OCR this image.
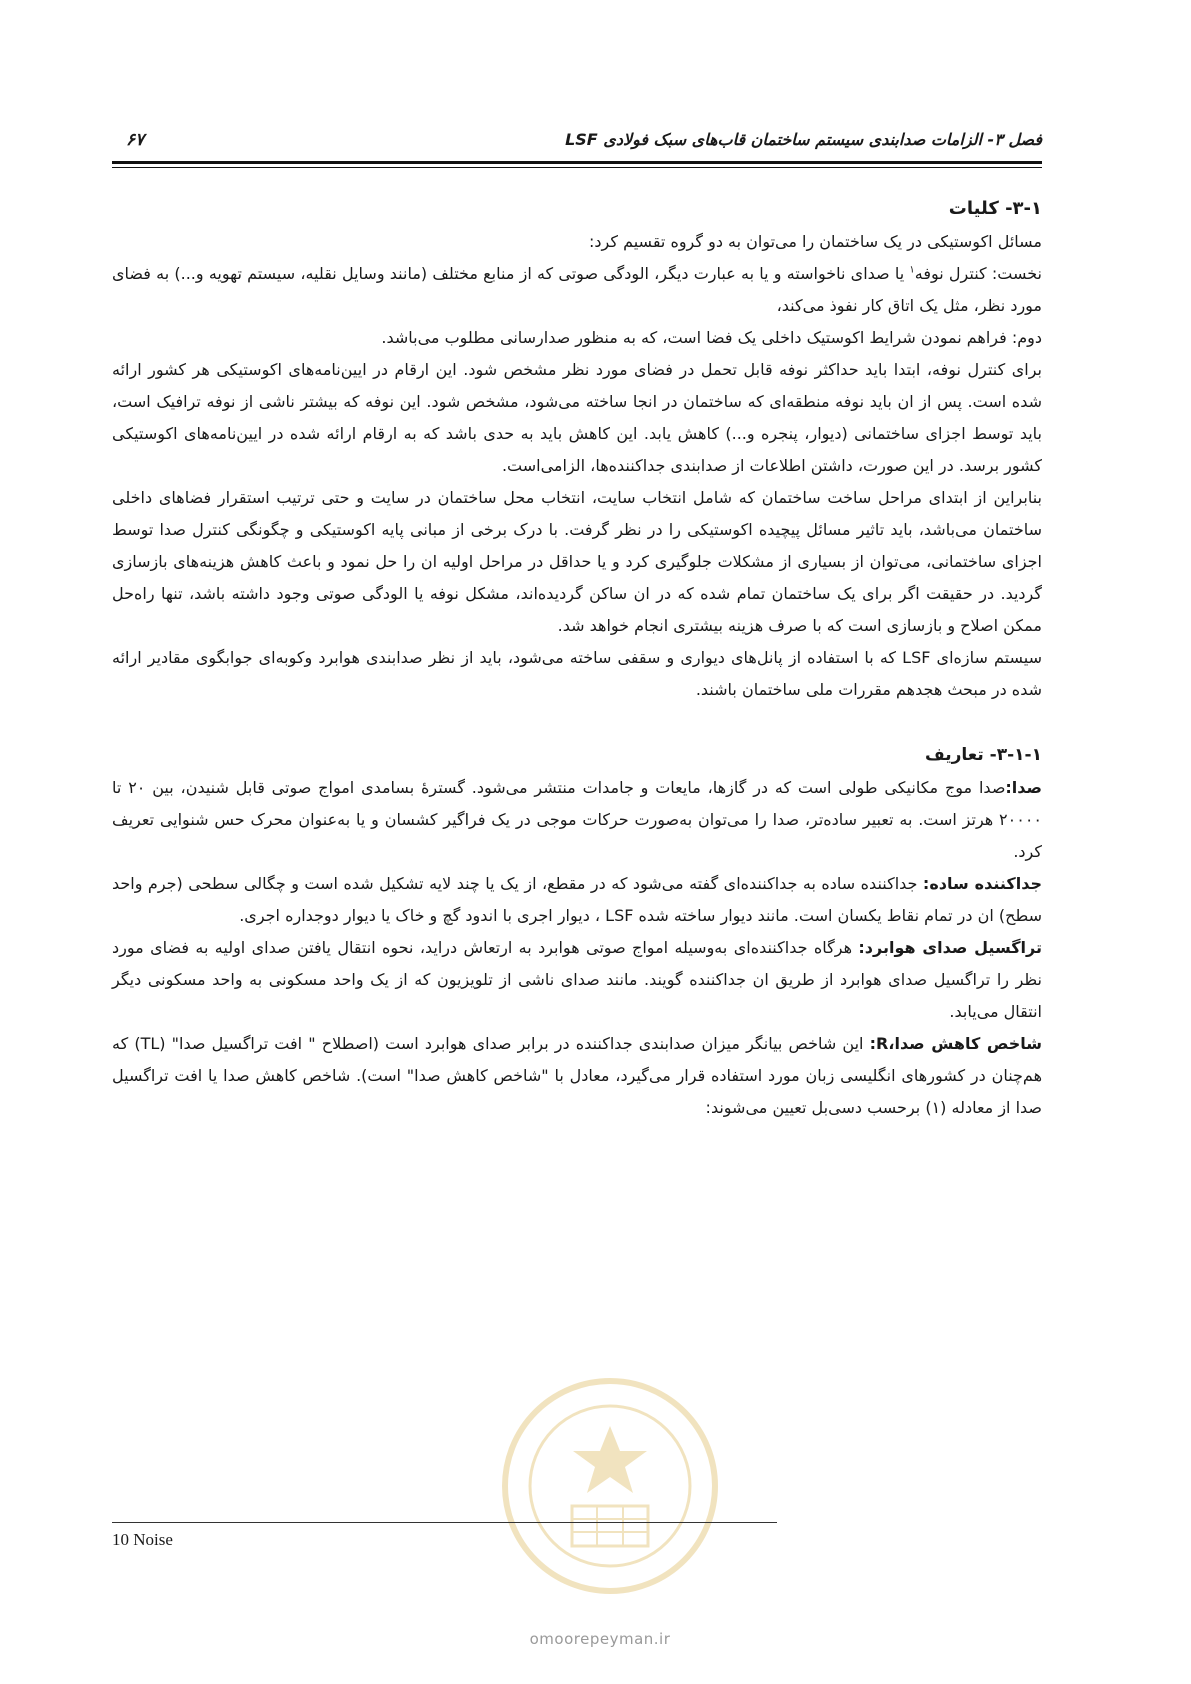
فصل ۳- الزامات صدابندی سیستم ساختمان قاب‌های سبک فولادی LSF
۶۷
۳-۱- کلیات

مسائل اکوستیکی در یک ساختمان را می‌توان به دو گروه تقسیم کرد:

نخست: کنترل نوفه$^۱$ یا صدای ناخواسته و یا به عبارت دیگر، الودگی صوتی که از منابع مختلف (مانند وسایل نقلیه، سیستم تهویه و...) به فضای مورد نظر، مثل یک اتاق کار نفوذ می‌کند،

دوم: فراهم نمودن شرایط اکوستیک داخلی یک فضا است، که به منظور صدارسانی مطلوب می‌باشد.

برای کنترل نوفه، ابتدا باید حداکثر نوفه قابل تحمل در فضای مورد نظر مشخص شود. این ارقام در ایین‌نامه‌های اکوستیکی هر کشور ارائه شده است. پس از ان باید نوفه منطقه‌ای که ساختمان در انجا ساخته می‌شود، مشخص شود. این نوفه که بیشتر ناشی از نوفه ترافیک است، باید توسط اجزای ساختمانی (دیوار، پنجره و...) کاهش یابد. این کاهش باید به حدی باشد که به ارقام ارائه شده در ایین‌نامه‌های اکوستیکی کشور برسد. در این صورت، داشتن اطلاعات از صدابندی جداکننده‌ها، الزامی‌است.

بنابراین از ابتدای مراحل ساخت ساختمان که شامل انتخاب سایت، انتخاب محل ساختمان در سایت و حتی ترتیب استقرار فضاهای داخلی ساختمان می‌باشد، باید تاثیر مسائل پیچیده اکوستیکی را در نظر گرفت. با درک برخی از مبانی پایه اکوستیکی و چگونگی کنترل صدا توسط اجزای ساختمانی، می‌توان از بسیاری از مشکلات جلوگیری کرد و یا حداقل در مراحل اولیه ان را حل نمود و باعث کاهش هزینه‌های بازسازی گردید. در حقیقت اگر برای یک ساختمان تمام شده که در ان ساکن گردیده‌اند، مشکل نوفه یا الودگی صوتی وجود داشته باشد، تنها راه‌حل ممکن اصلاح و بازسازی است که با صرف هزینه بیشتری انجام خواهد شد.

سیستم سازه‌ای LSF که با استفاده از پانل‌های دیواری و سقفی ساخته می‌شود، باید از نظر صدابندی هوابرد وکوبه‌ای جوابگوی مقادیر ارائه شده در مبحث هجدهم مقررات ملی ساختمان باشند.

۳-۱-۱- تعاریف

صدا:صدا موج مکانیکی طولی است که در گازها، مایعات و جامدات منتشر می‌شود. گسترهٔ بسامدی امواج صوتی قابل شنیدن، بین ۲۰ تا ۲۰۰۰۰ هرتز است. به تعبیر ساده‌تر، صدا را می‌توان به‌صورت حرکات موجی در یک فراگیر کشسان و یا به‌عنوان محرک حس شنوایی تعریف کرد.

جداکننده ساده: جداکننده ساده به جداکننده‌ای گفته می‌شود که در مقطع، از یک یا چند لایه تشکیل شده است و چگالی سطحی (جرم واحد سطح) ان در تمام نقاط یکسان است. مانند دیوار ساخته شده LSF ، دیوار اجری با اندود گچ و خاک یا دیوار دوجداره اجری.

تراگسیل صدای هوابرد: هرگاه جداکننده‌ای به‌وسیله امواج صوتی هوابرد به ارتعاش دراید، نحوه انتقال یافتن صدای اولیه به فضای مورد نظر را تراگسیل صدای هوابرد از طریق ان جداکننده گویند. مانند صدای ناشی از تلویزیون که از یک واحد مسکونی به واحد مسکونی دیگر انتقال می‌یابد.

شاخص کاهش صدا،R: این شاخص بیانگر میزان صدابندی جداکننده در برابر صدای هوابرد است (اصطلاح " افت تراگسیل صدا" (TL) که هم‌چنان در کشورهای انگلیسی زبان مورد استفاده قرار می‌گیرد، معادل با "شاخص کاهش صدا" است). شاخص کاهش صدا یا افت تراگسیل صدا از معادله (۱) برحسب دسی‌بل تعیین می‌شوند:

10 Noise
omoorepeyman.ir
